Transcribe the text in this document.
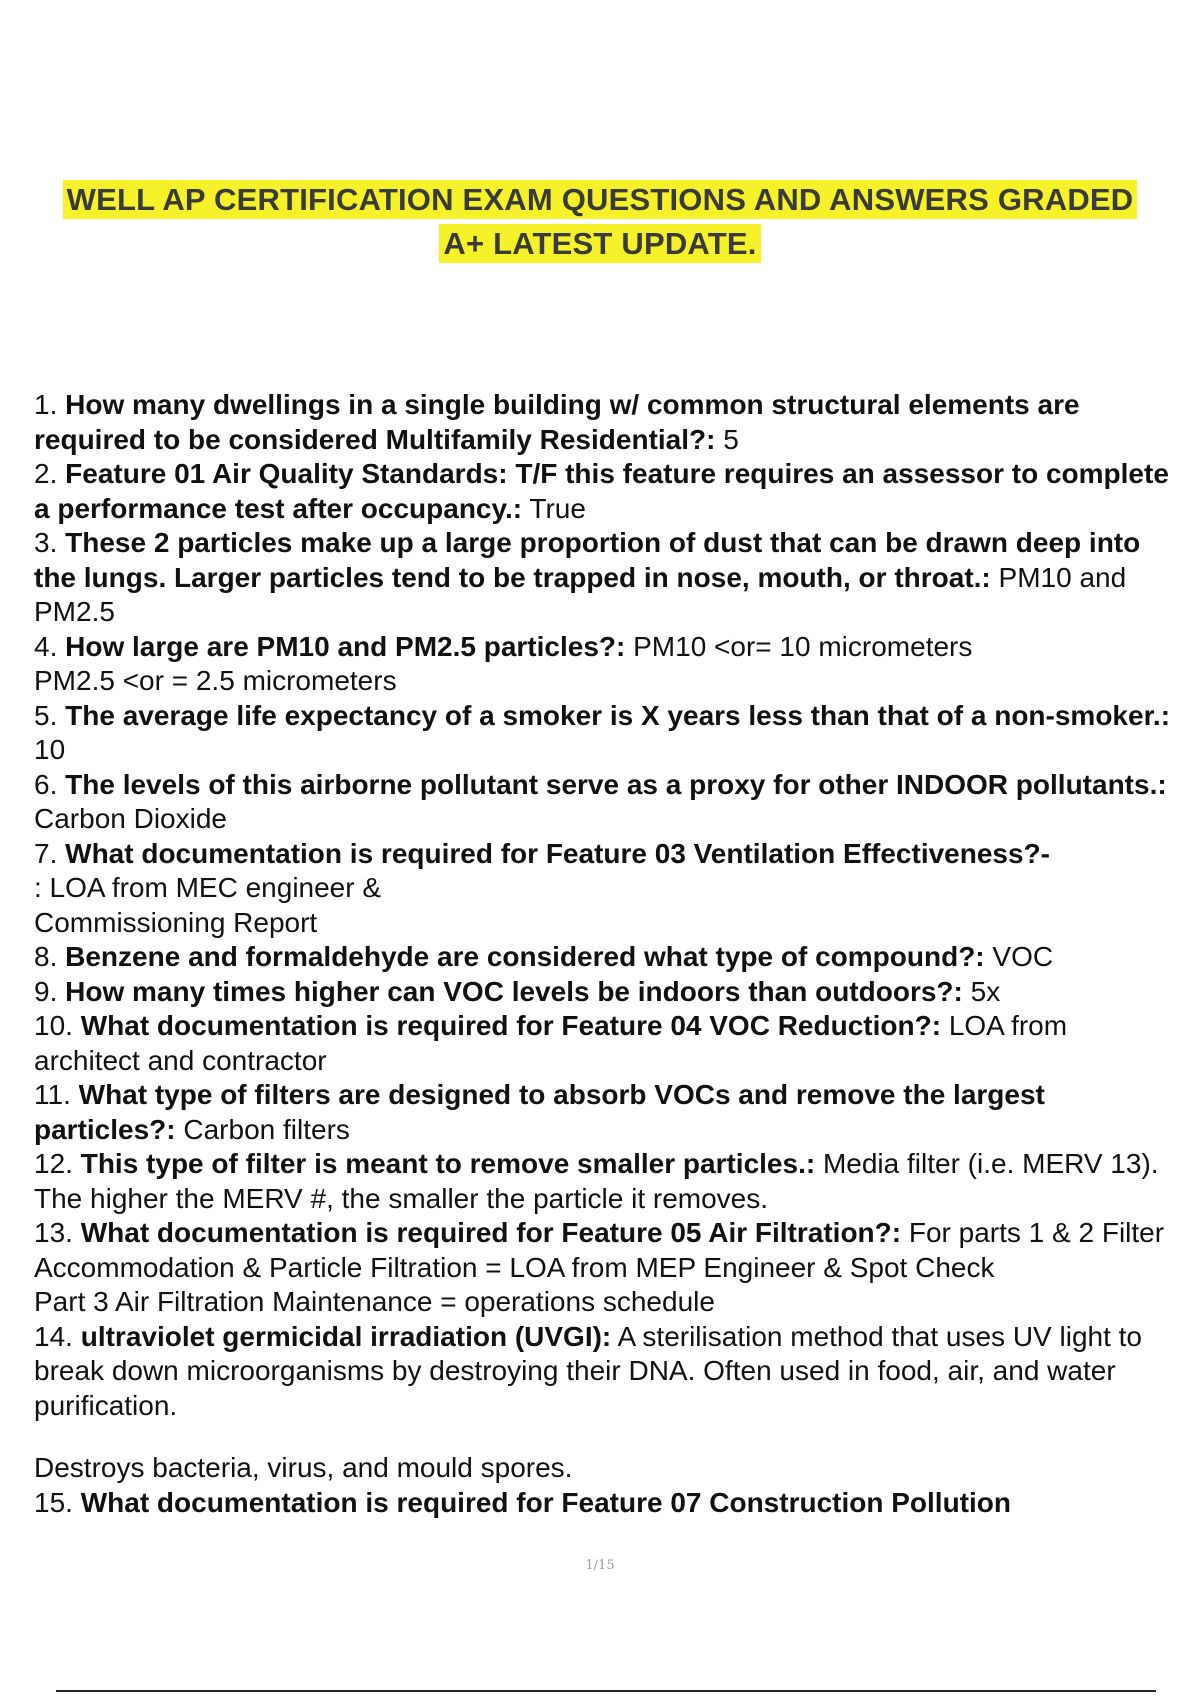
WELL AP CERTIFICATION EXAM QUESTIONS AND ANSWERS GRADED
A+ LATEST UPDATE.

1. How many dwellings in a single building w/ common structural elements are required to be considered Multifamily Residential?: 5

2. Feature 01 Air Quality Standards: T/F this feature requires an assessor to complete a performance test after occupancy.: True

3. These 2 particles make up a large proportion of dust that can be drawn deep into the lungs. Larger particles tend to be trapped in nose, mouth, or throat.: PM10 and PM2.5

4. How large are PM10 and PM2.5 particles?: PM10 <or= 10 micrometers
PM2.5 <or = 2.5 micrometers

5. The average life expectancy of a smoker is X years less than that of a non-smoker.: 10

6. The levels of this airborne pollutant serve as a proxy for other INDOOR pollutants.: Carbon Dioxide

7. What documentation is required for Feature 03 Ventilation Effectiveness?-
: LOA from MEC engineer &
Commissioning Report

8. Benzene and formaldehyde are considered what type of compound?: VOC

9. How many times higher can VOC levels be indoors than outdoors?: 5x

10. What documentation is required for Feature 04 VOC Reduction?: LOA from architect and contractor

11. What type of filters are designed to absorb VOCs and remove the largest particles?: Carbon filters

12. This type of filter is meant to remove smaller particles.: Media filter (i.e. MERV 13). The higher the MERV #, the smaller the particle it removes.

13. What documentation is required for Feature 05 Air Filtration?: For parts 1 & 2 Filter Accommodation & Particle Filtration = LOA from MEP Engineer & Spot Check
Part 3 Air Filtration Maintenance = operations schedule

14. ultraviolet germicidal irradiation (UVGI): A sterilisation method that uses UV light to break down microorganisms by destroying their DNA. Often used in food, air, and water purification.
Destroys bacteria, virus, and mould spores.

15. What documentation is required for Feature 07 Construction Pollution

1/15
